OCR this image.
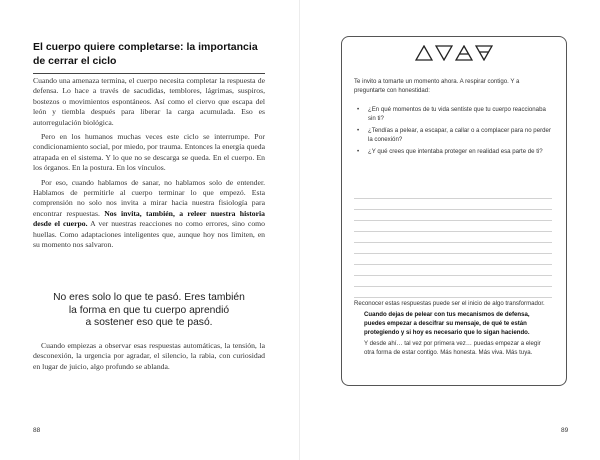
El cuerpo quiere completarse: la importancia
de cerrar el ciclo

Cuando una amenaza termina, el cuerpo necesita completar la respuesta de defensa. Lo hace a través de sacudidas, temblores, lágrimas, suspiros, bostezos o movimientos espontáneos. Así como el ciervo que escapa del león y tiembla después para liberar la carga acumulada. Eso es autorregulación biológica.

Pero en los humanos muchas veces este ciclo se interrumpe. Por condicionamiento social, por miedo, por trauma. Entonces la energía queda atrapada en el sistema. Y lo que no se descarga se queda. En el cuerpo. En los órganos. En la postura. En los vínculos.

Por eso, cuando hablamos de sanar, no hablamos solo de entender. Hablamos de permitirle al cuerpo terminar lo que empezó. Esta comprensión no solo nos invita a mirar hacia nuestra fisiología para encontrar respuestas. Nos invita, también, a releer nuestra historia desde el cuerpo. A ver nuestras reacciones no como errores, sino como huellas. Como adaptaciones inteligentes que, aunque hoy nos limiten, en su momento nos salvaron.

No eres solo lo que te pasó. Eres también
la forma en que tu cuerpo aprendió
a sostener eso que te pasó.

Cuando empiezas a observar esas respuestas automáticas, la tensión, la desconexión, la urgencia por agradar, el silencio, la rabia, con curiosidad en lugar de juicio, algo profundo se ablanda.

88
Te invito a tomarte un momento ahora. A respirar contigo. Y a preguntarte con honestidad:
• ¿En qué momentos de tu vida sentiste que tu cuerpo reaccionaba sin ti?
• ¿Tendías a pelear, a escapar, a callar o a complacer para no perder la conexión?
• ¿Y qué crees que intentaba proteger en realidad esa parte de ti?

Reconocer estas respuestas puede ser el inicio de algo transformador.

Cuando dejas de pelear con tus mecanismos de defensa, puedes empezar a descifrar su mensaje, de qué te están protegiendo y si hoy es necesario que lo sigan haciendo.

Y desde ahí… tal vez por primera vez… puedas empezar a elegir otra forma de estar contigo. Más honesta. Más viva. Más tuya.

89
